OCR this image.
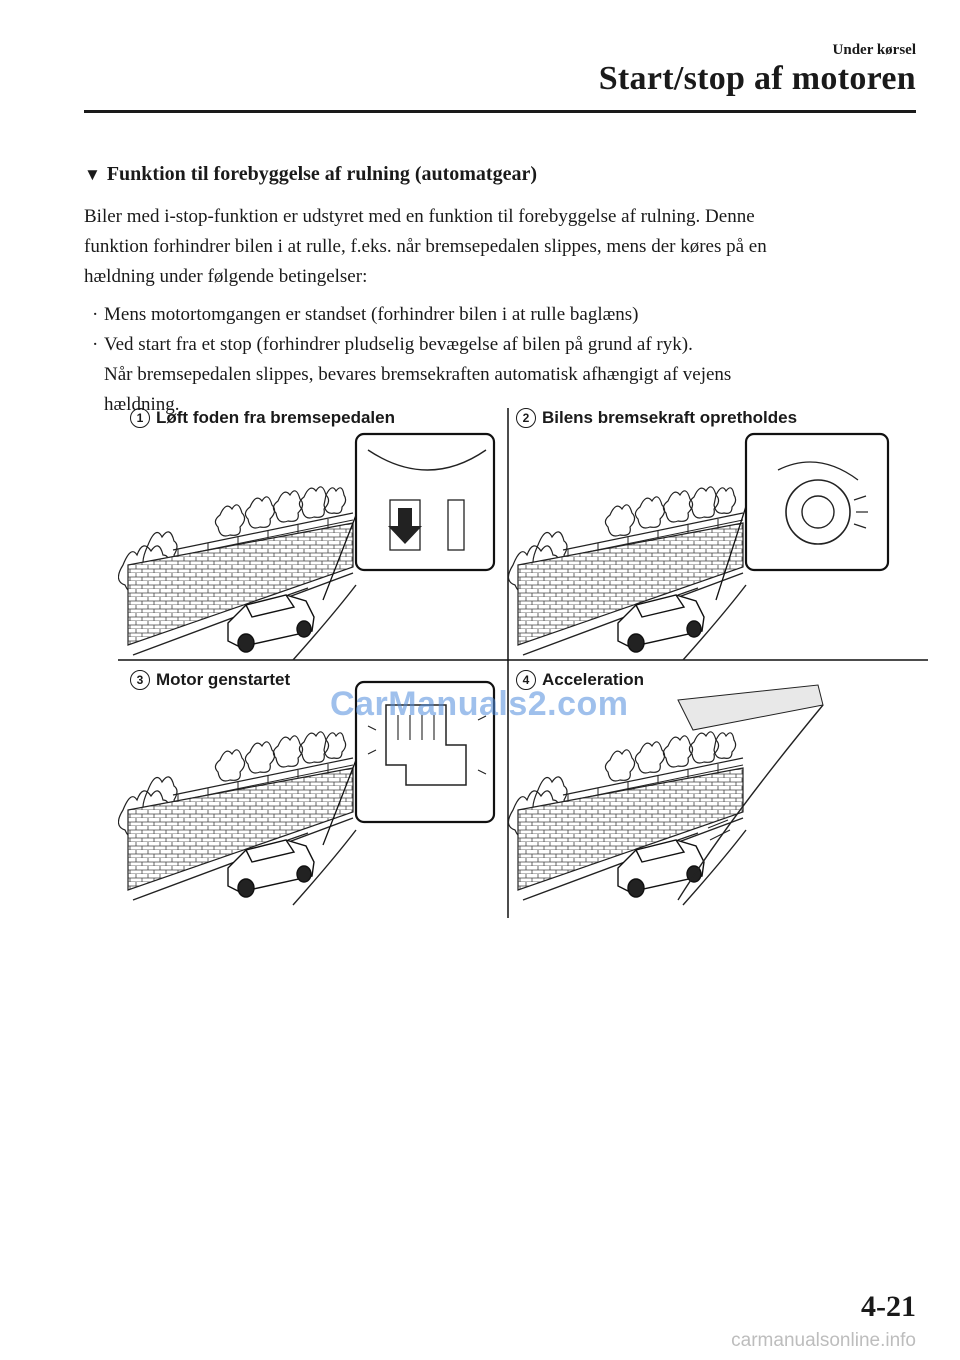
Under kørsel
Start/stop af motoren
▼ Funktion til forebyggelse af rulning (automatgear)
Biler med i-stop-funktion er udstyret med en funktion til forebyggelse af rulning. Denne
funktion forhindrer bilen i at rulle, f.eks. når bremsepedalen slippes, mens der køres på en
hældning under følgende betingelser:
· Mens motortomgangen er standset (forhindrer bilen i at rulle baglæns)
· Ved start fra et stop (forhindrer pludselig bevægelse af bilen på grund af ryk).
Når bremsepedalen slippes, bevares bremsekraften automatisk afhængigt af vejens
hældning.
1 Løft foden fra bremsepedalen	2 Bilens bremsekraft opretholdes
3 Motor genstartet	4 Acceleration
CarManuals2.com
4-21
carmanualsonline.info
